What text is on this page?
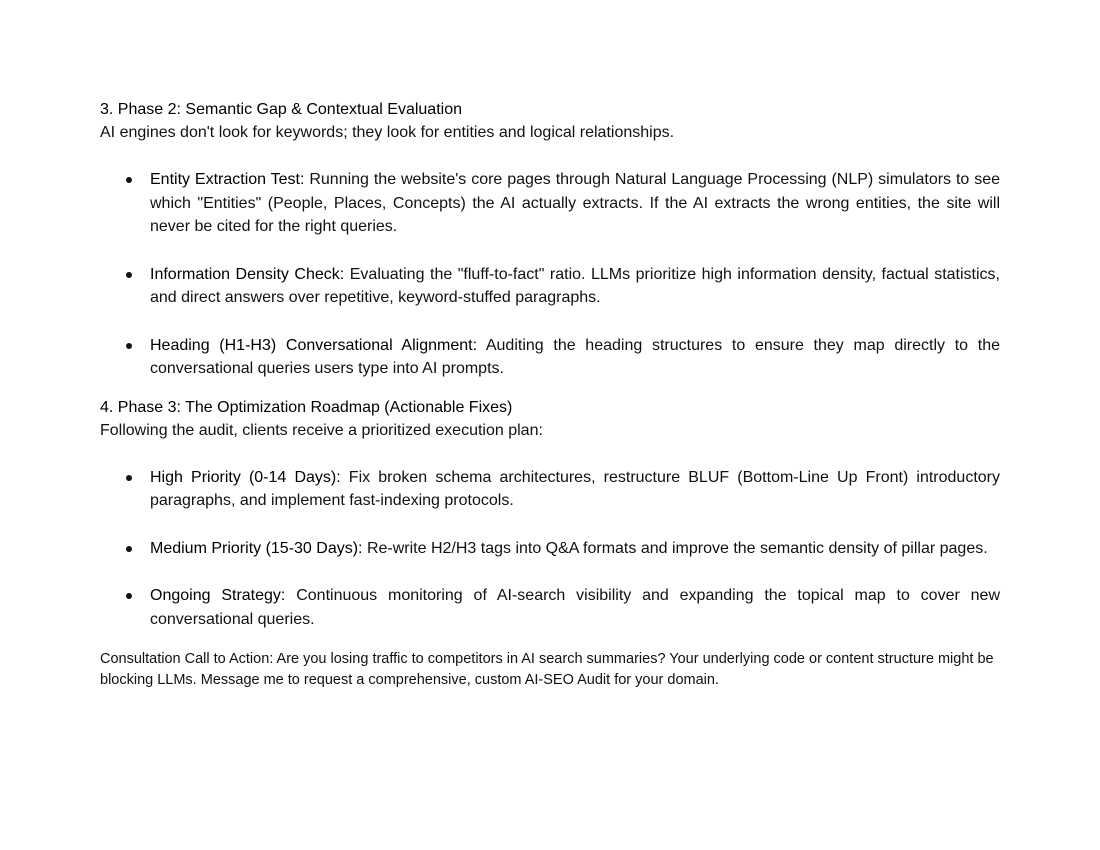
3. Phase 2: Semantic Gap & Contextual Evaluation

AI engines don't look for keywords; they look for entities and logical relationships.

Entity Extraction Test: Running the website's core pages through Natural Language Processing (NLP) simulators to see which "Entities" (People, Places, Concepts) the AI actually extracts. If the AI extracts the wrong entities, the site will never be cited for the right queries.
Information Density Check: Evaluating the "fluff-to-fact" ratio. LLMs prioritize high information density, factual statistics, and direct answers over repetitive, keyword-stuffed paragraphs.
Heading (H1-H3) Conversational Alignment: Auditing the heading structures to ensure they map directly to the conversational queries users type into AI prompts.

4. Phase 3: The Optimization Roadmap (Actionable Fixes)

Following the audit, clients receive a prioritized execution plan:

High Priority (0-14 Days): Fix broken schema architectures, restructure BLUF (Bottom-Line Up Front) introductory paragraphs, and implement fast-indexing protocols.
Medium Priority (15-30 Days): Re-write H2/H3 tags into Q&A formats and improve the semantic density of pillar pages.
Ongoing Strategy: Continuous monitoring of AI-search visibility and expanding the topical map to cover new conversational queries.

Consultation Call to Action: Are you losing traffic to competitors in AI search summaries? Your underlying code or content structure might be blocking LLMs. Message me to request a comprehensive, custom AI-SEO Audit for your domain.
